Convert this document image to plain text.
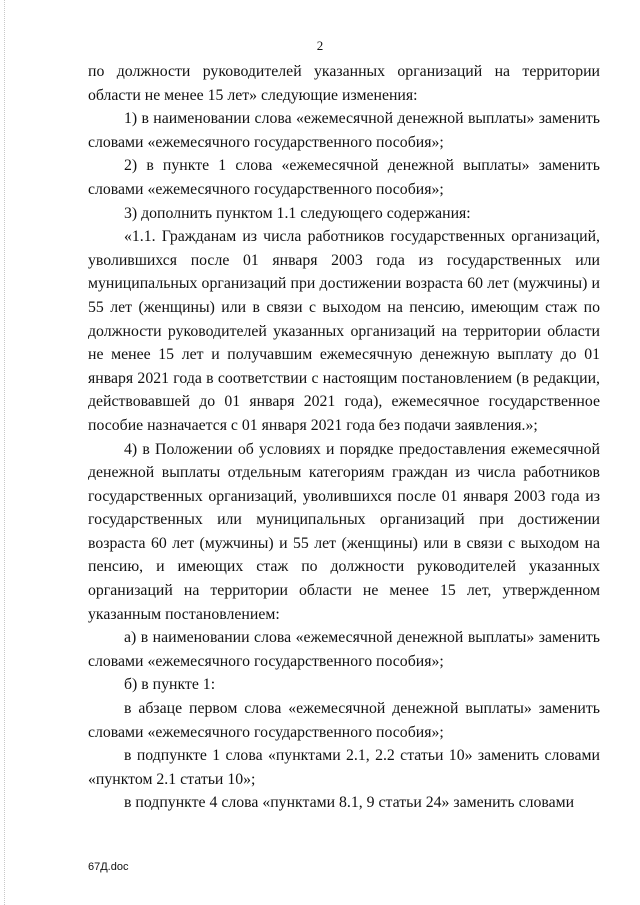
2

по должности руководителей указанных организаций на территории области не менее 15 лет» следующие изменения:

1) в наименовании слова «ежемесячной денежной выплаты» заменить словами «ежемесячного государственного пособия»;

2) в пункте 1 слова «ежемесячной денежной выплаты» заменить словами «ежемесячного государственного пособия»;

3) дополнить пунктом 1.1 следующего содержания:

«1.1. Гражданам из числа работников государственных организаций, уволившихся после 01 января 2003 года из государственных или муниципальных организаций при достижении возраста 60 лет (мужчины) и 55 лет (женщины) или в связи с выходом на пенсию, имеющим стаж по должности руководителей указанных организаций на территории области не менее 15 лет и получавшим ежемесячную денежную выплату до 01 января 2021 года в соответствии с настоящим постановлением (в редакции, действовавшей до 01 января 2021 года), ежемесячное государственное пособие назначается с 01 января 2021 года без подачи заявления.»;

4) в Положении об условиях и порядке предоставления ежемесячной денежной выплаты отдельным категориям граждан из числа работников государственных организаций, уволившихся после 01 января 2003 года из государственных или муниципальных организаций при достижении возраста 60 лет (мужчины) и 55 лет (женщины) или в связи с выходом на пенсию, и имеющих стаж по должности руководителей указанных организаций на территории области не менее 15 лет, утвержденном указанным постановлением:

а) в наименовании слова «ежемесячной денежной выплаты» заменить словами «ежемесячного государственного пособия»;

б) в пункте 1:

в абзаце первом слова «ежемесячной денежной выплаты» заменить словами «ежемесячного государственного пособия»;

в подпункте 1 слова «пунктами 2.1, 2.2 статьи 10» заменить словами «пунктом 2.1 статьи 10»;

в подпункте 4 слова «пунктами 8.1, 9 статьи 24» заменить словами

67Д.doc
